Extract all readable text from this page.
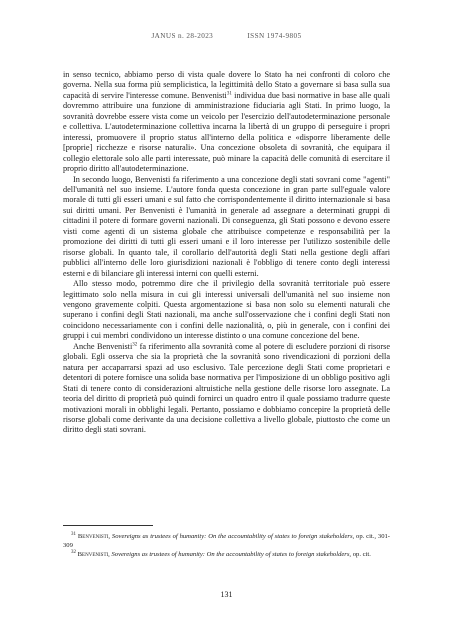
JANUS n. 28-2023	ISSN 1974-9805

in senso tecnico, abbiamo perso di vista quale dovere lo Stato ha nei confronti di coloro che governa. Nella sua forma più semplicistica, la legittimità dello Stato a governare si basa sulla sua capacità di servire l'interesse comune. Benvenisti$^{31}$ individua due basi normative in base alle quali dovremmo attribuire una funzione di amministrazione fiduciaria agli Stati. In primo luogo, la sovranità dovrebbe essere vista come un veicolo per l'esercizio dell'autodeterminazione personale e collettiva. L'autodeterminazione collettiva incarna la libertà di un gruppo di perseguire i propri interessi, promuovere il proprio status all'interno della politica e «disporre liberamente delle [proprie] ricchezze e risorse naturali». Una concezione obsoleta di sovranità, che equipara il collegio elettorale solo alle parti interessate, può minare la capacità delle comunità di esercitare il proprio diritto all'autodeterminazione.

In secondo luogo, Benvenisti fa riferimento a una concezione degli stati sovrani come "agenti" dell'umanità nel suo insieme. L'autore fonda questa concezione in gran parte sull'eguale valore morale di tutti gli esseri umani e sul fatto che corrispondentemente il diritto internazionale si basa sui diritti umani. Per Benvenisti è l'umanità in generale ad assegnare a determinati gruppi di cittadini il potere di formare governi nazionali. Di conseguenza, gli Stati possono e devono essere visti come agenti di un sistema globale che attribuisce competenze e responsabilità per la promozione dei diritti di tutti gli esseri umani e il loro interesse per l'utilizzo sostenibile delle risorse globali. In quanto tale, il corollario dell'autorità degli Stati nella gestione degli affari pubblici all'interno delle loro giurisdizioni nazionali è l'obbligo di tenere conto degli interessi esterni e di bilanciare gli interessi interni con quelli esterni.

Allo stesso modo, potremmo dire che il privilegio della sovranità territoriale può essere legittimato solo nella misura in cui gli interessi universali dell'umanità nel suo insieme non vengono gravemente colpiti. Questa argomentazione si basa non solo su elementi naturali che superano i confini degli Stati nazionali, ma anche sull'osservazione che i confini degli Stati non coincidono necessariamente con i confini delle nazionalità, o, più in generale, con i confini dei gruppi i cui membri condividono un interesse distinto o una comune concezione del bene.

Anche Benvenisti$^{32}$ fa riferimento alla sovranità come al potere di escludere porzioni di risorse globali. Egli osserva che sia la proprietà che la sovranità sono rivendicazioni di porzioni della natura per accaparrarsi spazi ad uso esclusivo. Tale percezione degli Stati come proprietari e detentori di potere fornisce una solida base normativa per l'imposizione di un obbligo positivo agli Stati di tenere conto di considerazioni altruistiche nella gestione delle risorse loro assegnate. La teoria del diritto di proprietà può quindi fornirci un quadro entro il quale possiamo tradurre queste motivazioni morali in obblighi legali. Pertanto, possiamo e dobbiamo concepire la proprietà delle risorse globali come derivante da una decisione collettiva a livello globale, piuttosto che come un diritto degli stati sovrani.

$^{31}$ Benvenisti, Sovereigns as trustees of humanity: On the accountability of states to foreign stakeholders, op. cit., 301-309

$^{32}$ Benvenisti, Sovereigns as trustees of humanity: On the accountability of states to foreign stakeholders, op. cit.

131
